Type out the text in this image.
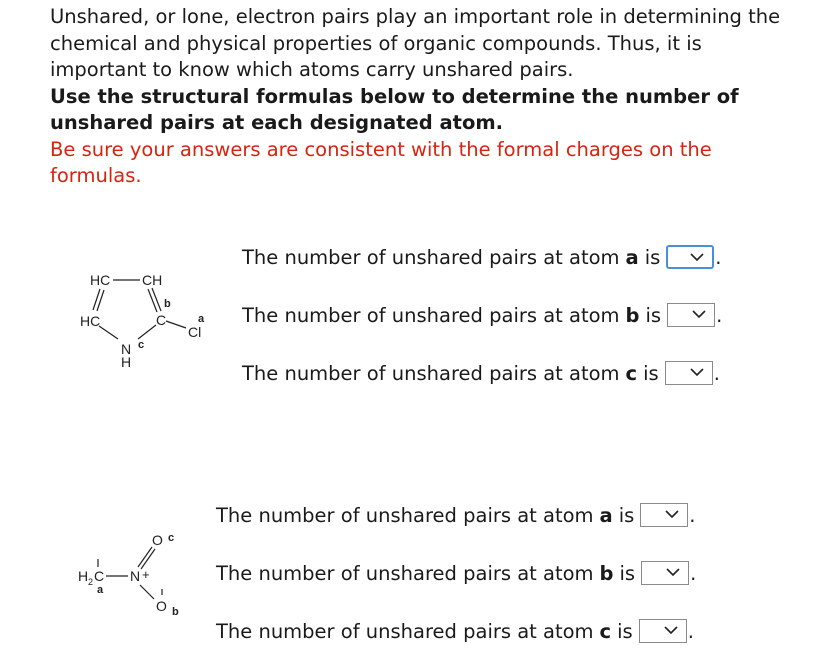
Unshared, or lone, electron pairs play an important role in determining the chemical and physical properties of organic compounds. Thus, it is important to know which atoms carry unshared pairs.

Use the structural formulas below to determine the number of unshared pairs at each designated atom.

Be sure your answers are consistent with the formal charges on the formulas.

HC CH
b
HC	C	a
Cl
N c
H
The number of unshared pairs at atom a is	.
The number of unshared pairs at atom b is	.
The number of unshared pairs at atom c is	.
H 2 C
a
N +
O c
O b
The number of unshared pairs at atom a is	.
The number of unshared pairs at atom b is	.
The number of unshared pairs at atom c is	.
